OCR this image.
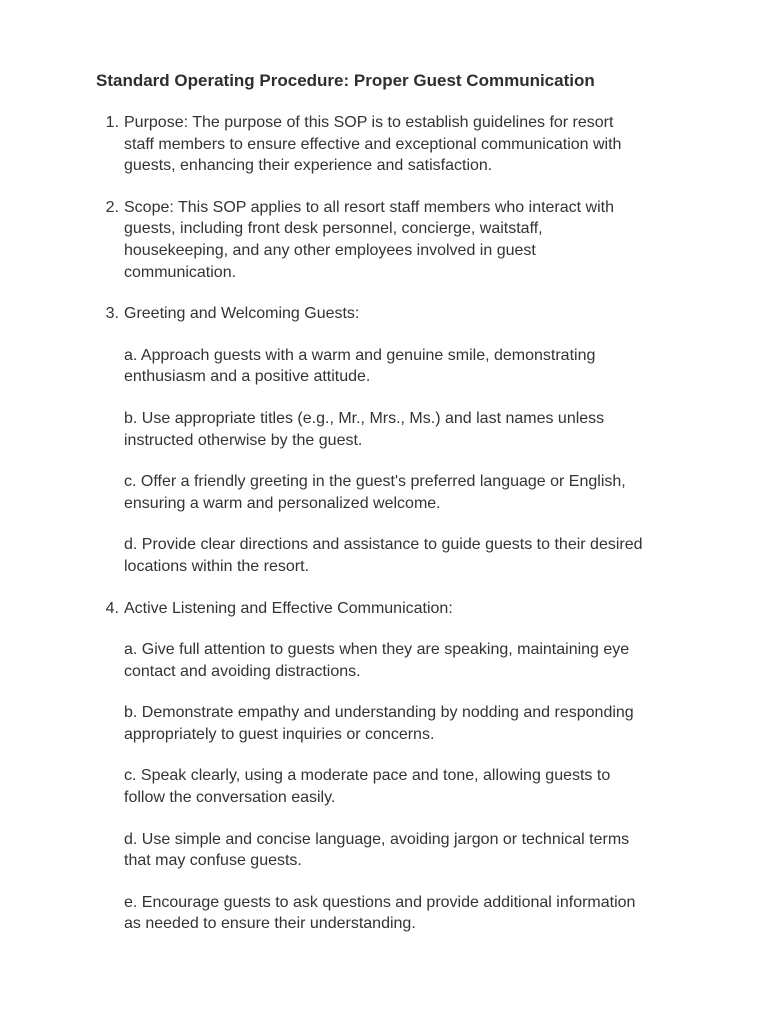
Standard Operating Procedure: Proper Guest Communication
1. Purpose: The purpose of this SOP is to establish guidelines for resort
staff members to ensure effective and exceptional communication with
guests, enhancing their experience and satisfaction.
2. Scope: This SOP applies to all resort staff members who interact with
guests, including front desk personnel, concierge, waitstaff,
housekeeping, and any other employees involved in guest
communication.
3. Greeting and Welcoming Guests:
a. Approach guests with a warm and genuine smile, demonstrating
enthusiasm and a positive attitude.
b. Use appropriate titles (e.g., Mr., Mrs., Ms.) and last names unless
instructed otherwise by the guest.
c. Offer a friendly greeting in the guest's preferred language or English,
ensuring a warm and personalized welcome.
d. Provide clear directions and assistance to guide guests to their desired
locations within the resort.
4. Active Listening and Effective Communication:
a. Give full attention to guests when they are speaking, maintaining eye
contact and avoiding distractions.
b. Demonstrate empathy and understanding by nodding and responding
appropriately to guest inquiries or concerns.
c. Speak clearly, using a moderate pace and tone, allowing guests to
follow the conversation easily.
d. Use simple and concise language, avoiding jargon or technical terms
that may confuse guests.
e. Encourage guests to ask questions and provide additional information
as needed to ensure their understanding.
